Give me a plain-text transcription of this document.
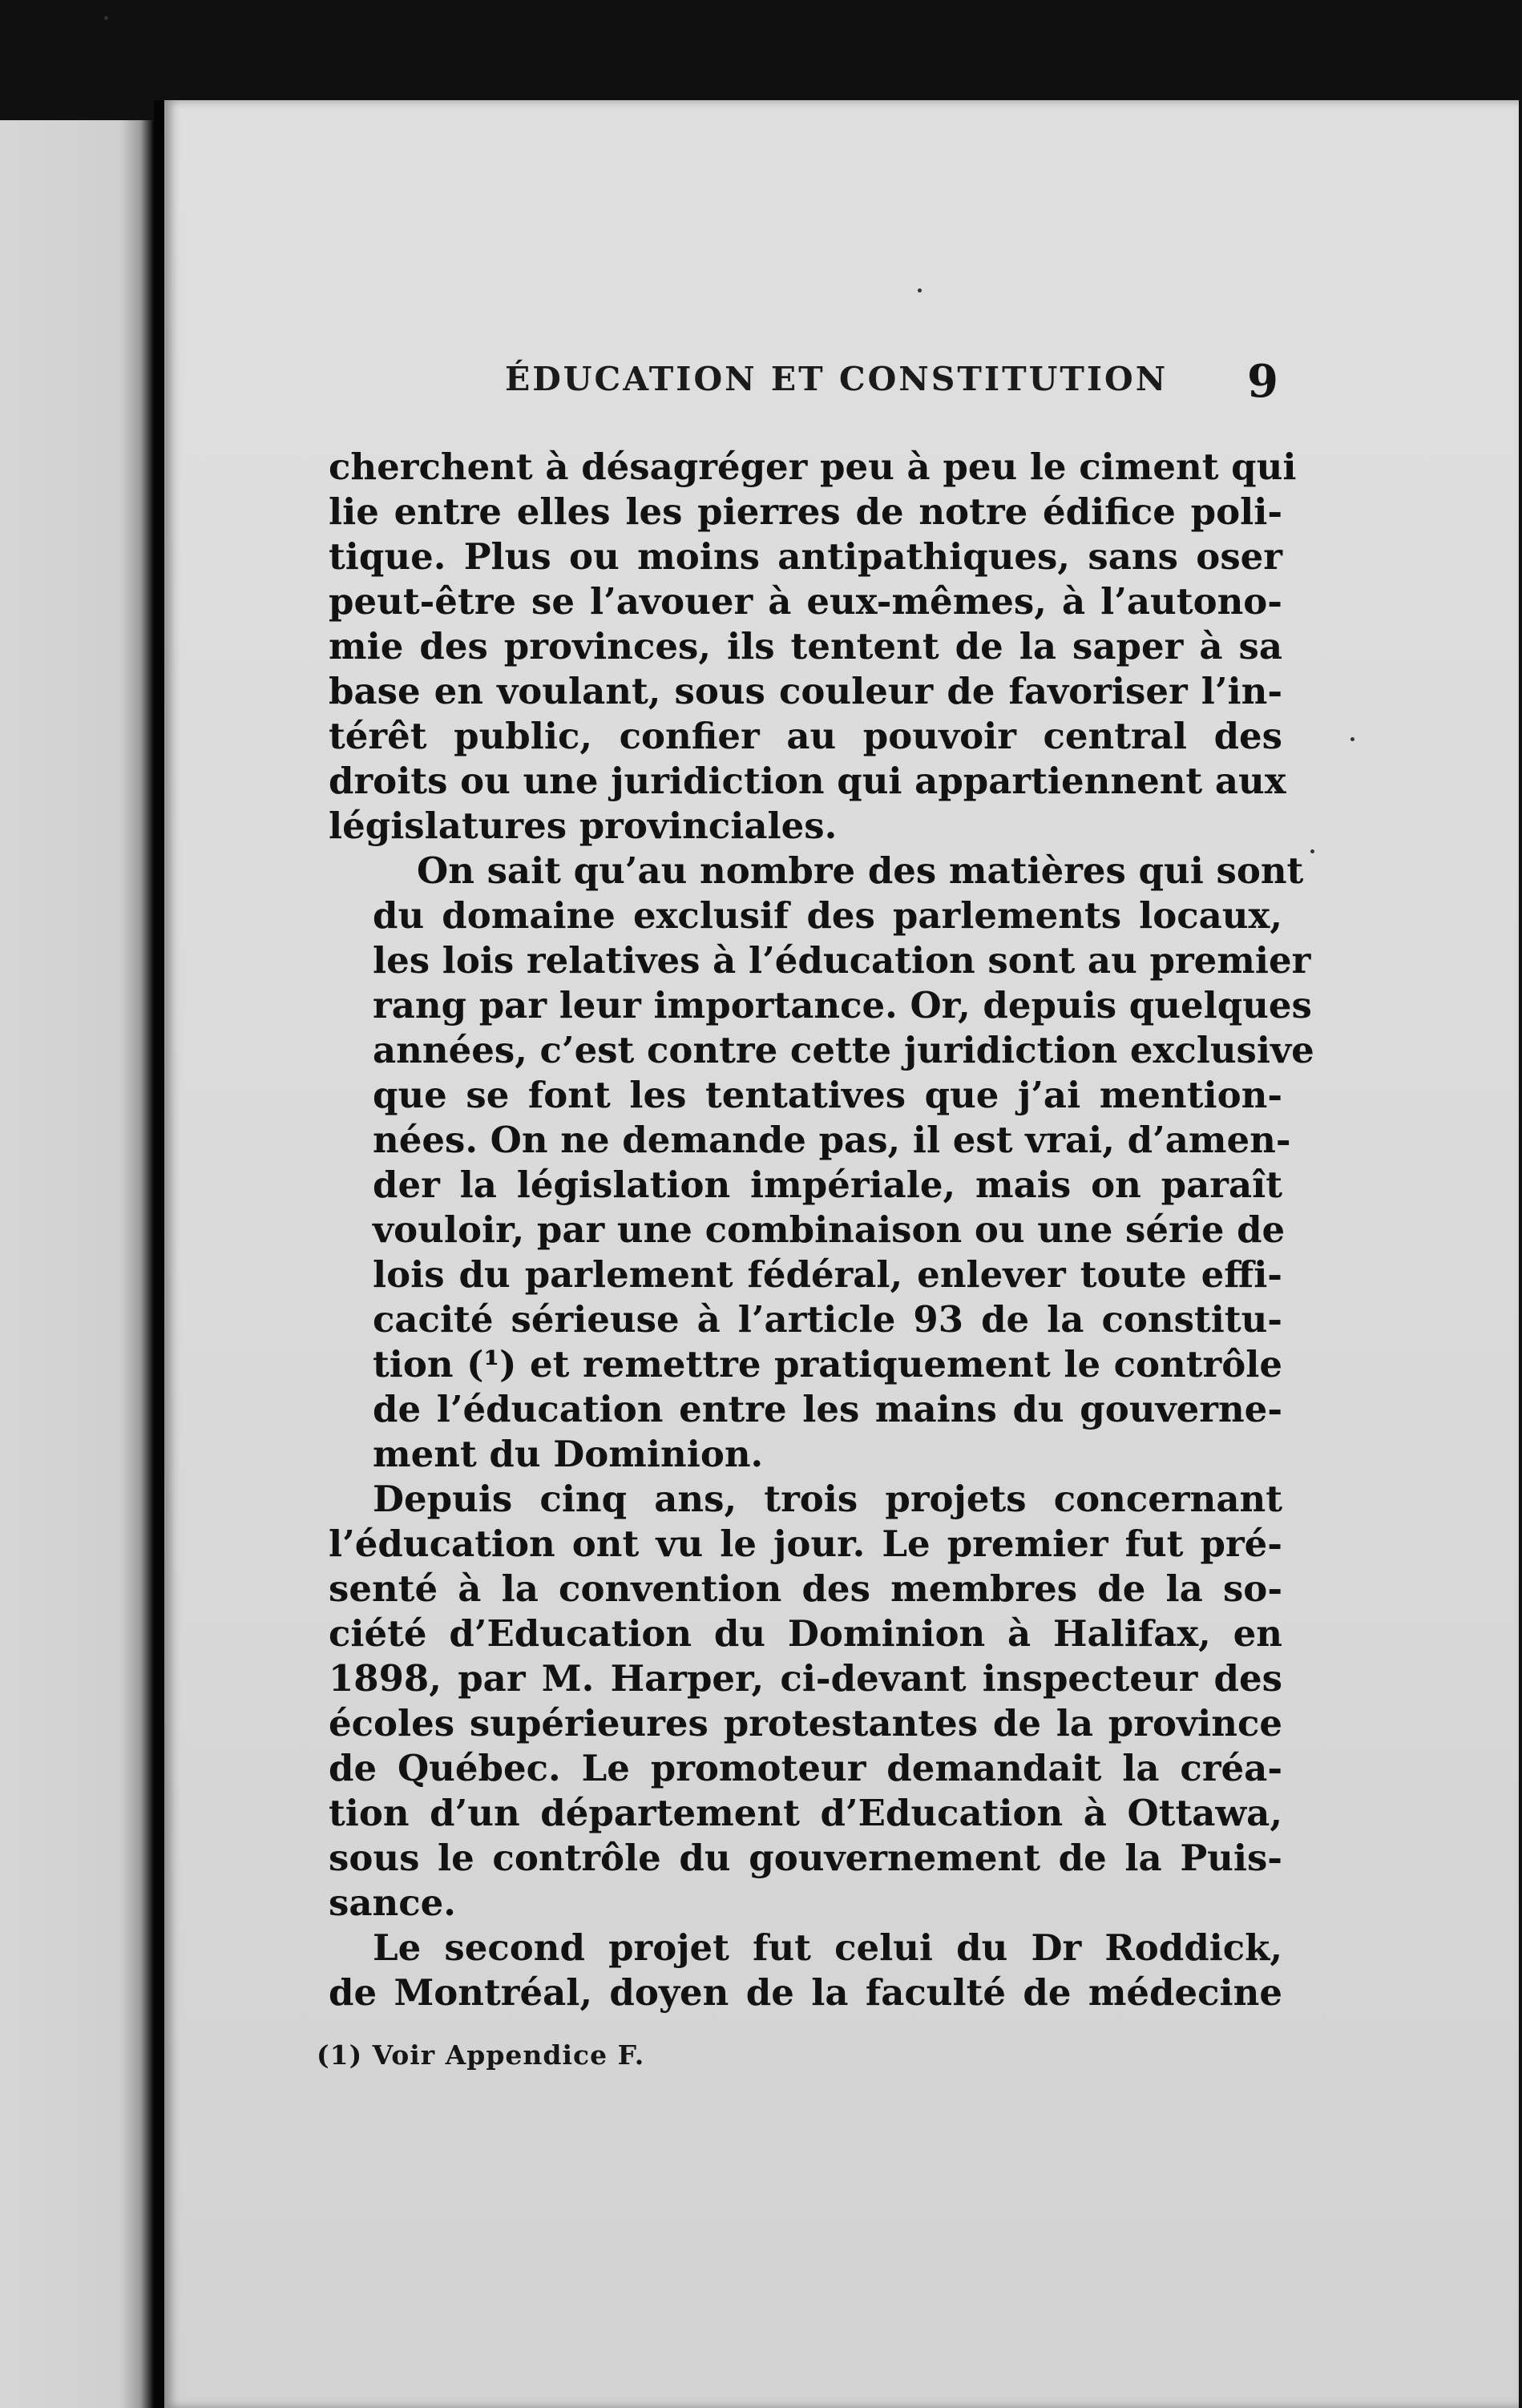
ÉDUCATION ET CONSTITUTION 9

cherchent à désagréger peu à peu le ciment qui
lie entre elles les pierres de notre édifice poli-
tique. Plus ou moins antipathiques, sans oser
peut-être se l’avouer à eux-mêmes, à l’autono-
mie des provinces, ils tentent de la saper à sa
base en voulant, sous couleur de favoriser l’in-
térêt public, confier au pouvoir central des
droits ou une juridiction qui appartiennent aux
législatures provinciales.

On sait qu’au nombre des matières qui sont
du domaine exclusif des parlements locaux,
les lois relatives à l’éducation sont au premier
rang par leur importance. Or, depuis quelques
années, c’est contre cette juridiction exclusive
que se font les tentatives que j’ai mention-
nées. On ne demande pas, il est vrai, d’amen-
der la législation impériale, mais on paraît
vouloir, par une combinaison ou une série de
lois du parlement fédéral, enlever toute effi-
cacité sérieuse à l’article 93 de la constitu-
tion (¹) et remettre pratiquement le contrôle
de l’éducation entre les mains du gouverne-
ment du Dominion.

Depuis cinq ans, trois projets concernant
l’éducation ont vu le jour. Le premier fut pré-
senté à la convention des membres de la so-
ciété d’Education du Dominion à Halifax, en
1898, par M. Harper, ci-devant inspecteur des
écoles supérieures protestantes de la province
de Québec. Le promoteur demandait la créa-
tion d’un département d’Education à Ottawa,
sous le contrôle du gouvernement de la Puis-
sance.

Le second projet fut celui du Dr Roddick,
de Montréal, doyen de la faculté de médecine

(1) Voir Appendice F.
